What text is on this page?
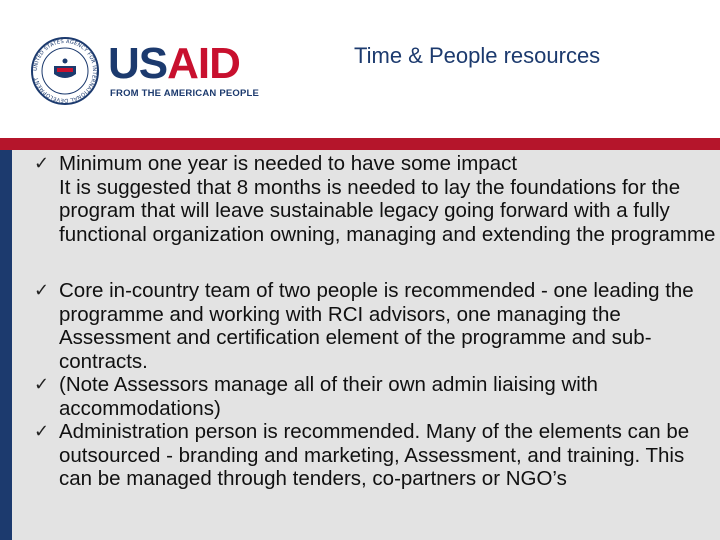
UNITED STATES AGENCY FOR INTERNATIONAL DEVELOPMENT	USAID
FROM THE AMERICAN PEOPLE
Time & People resources
✓ Minimum one year is needed to have some impact
It is suggested that 8 months is needed to lay the foundations for the program that will leave sustainable legacy going forward with a fully functional organization owning, managing and extending the programme
✓ Core in-country team of two people is recommended - one leading the programme and working with RCI advisors, one managing the Assessment and certification element of the programme and sub-contracts.
✓ (Note Assessors manage all of their own admin liaising with accommodations)
✓ Administration person is recommended. Many of the elements can be outsourced - branding and marketing, Assessment, and training. This can be managed through tenders, co-partners or NGO’s
